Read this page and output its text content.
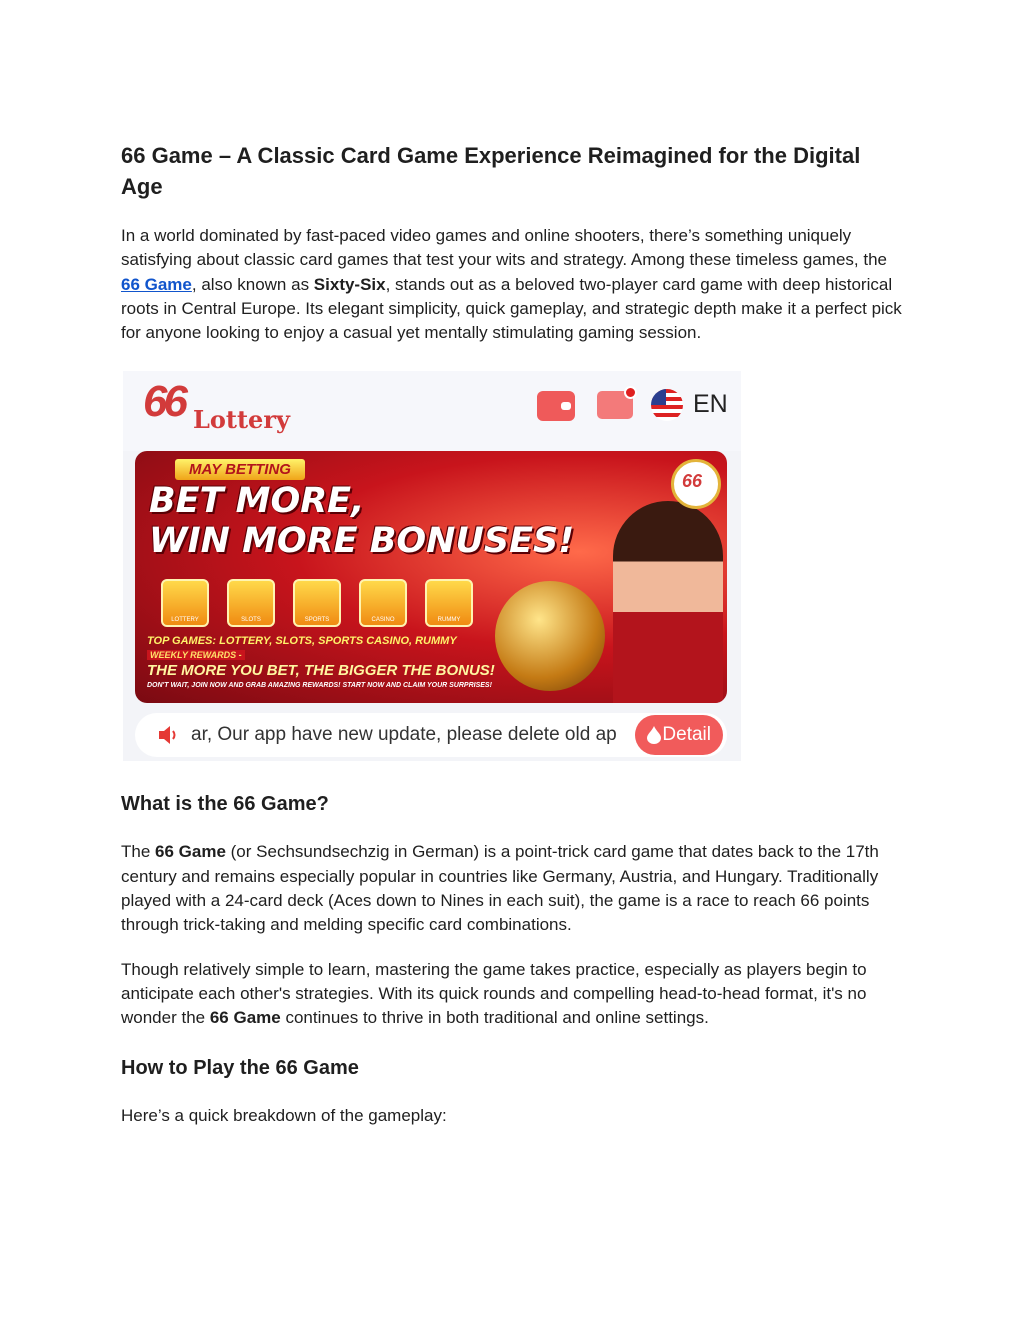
66 Game – A Classic Card Game Experience Reimagined for the Digital Age

In a world dominated by fast-paced video games and online shooters, there’s something uniquely satisfying about classic card games that test your wits and strategy. Among these timeless games, the 66 Game, also known as Sixty-Six, stands out as a beloved two-player card game with deep historical roots in Central Europe. Its elegant simplicity, quick gameplay, and strategic depth make it a perfect pick for anyone looking to enjoy a casual yet mentally stimulating gaming session.

66 Lottery
EN
MAY BETTING
BET MORE,
WIN MORE BONUSES!
LOTTERY	SLOTS	SPORTS	CASINO	RUMMY
66
TOP GAMES: LOTTERY, SLOTS, SPORTS CASINO, RUMMY
WEEKLY REWARDS -
THE MORE YOU BET, THE BIGGER THE BONUS!
DON'T WAIT, JOIN NOW AND GRAB AMAZING REWARDS! START NOW AND CLAIM YOUR SURPRISES!
ar, Our app have new update, please delete old ap	Detail
What is the 66 Game?

The 66 Game (or Sechsundsechzig in German) is a point-trick card game that dates back to the 17th century and remains especially popular in countries like Germany, Austria, and Hungary. Traditionally played with a 24-card deck (Aces down to Nines in each suit), the game is a race to reach 66 points through trick-taking and melding specific card combinations.

Though relatively simple to learn, mastering the game takes practice, especially as players begin to anticipate each other's strategies. With its quick rounds and compelling head-to-head format, it's no wonder the 66 Game continues to thrive in both traditional and online settings.

How to Play the 66 Game

Here’s a quick breakdown of the gameplay:
